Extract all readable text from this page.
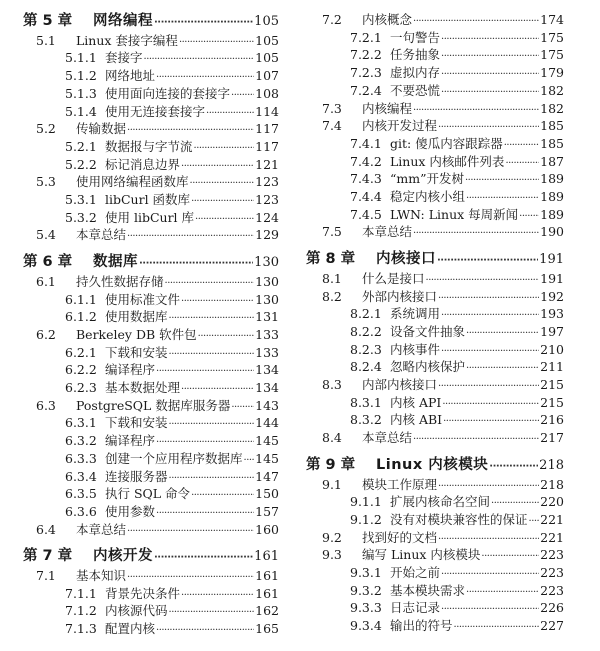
第 5 章	网络编程 ·····	105
5.1	Linux 套接字编程 ·····	105
5.1.1 套接字 ·····	105
5.1.2 网络地址 ·····	107
5.1.3 使用面向连接的套接字 ····· 108
5.1.4 使用无连接套接字 ·····	114
5.2	传输数据 ·····	117
5.2.1 数据报与字节流 ·····	117
5.2.2 标记消息边界 ·····	121
5.3	使用网络编程函数库 ·····	123
5.3.1 libCurl 函数库 ·····	123
5.3.2 使用 libCurl 库 ·····	124
5.4	本章总结 ·····	129
第 6 章	数据库 ·····	130
6.1	持久性数据存储 ·····	130
6.1.1 使用标准文件 ·····	130
6.1.2 使用数据库 ·····	131
6.2	Berkeley DB 软件包 ·····	133
6.2.1 下载和安装 ·····	133
6.2.2 编译程序 ·····	134
6.2.3 基本数据处理 ·····	134
6.3	PostgreSQL 数据库服务器 ····· 143
6.3.1 下载和安装 ·····	144
6.3.2 编译程序 ·····	145
6.3.3 创建一个应用程序数据库 ····· 145
6.3.4 连接服务器 ·····	147
6.3.5 执行 SQL 命令 ·····	150
6.3.6 使用参数 ·····	157
6.4	本章总结 ·····	160
第 7 章	内核开发 ·····	161
7.1	基本知识 ·····	161
7.1.1 背景先决条件 ·····	161
7.1.2 内核源代码 ·····	162
7.1.3 配置内核 ·····	165
7.2	内核概念 ·····	174
7.2.1 一句警告 ·····	175
7.2.2 任务抽象 ·····	175
7.2.3 虚拟内存 ·····	179
7.2.4 不要恐慌 ·····	182
7.3	内核编程 ·····	182
7.4	内核开发过程 ·····	185
7.4.1 git: 傻瓜内容跟踪器 ·····	185
7.4.2 Linux 内核邮件列表 ·····	187
7.4.3 “mm”开发树 ·····	189
7.4.4 稳定内核小组 ·····	189
7.4.5 LWN: Linux 每周新闻 ····· 189
7.5	本章总结 ·····	190
第 8 章	内核接口 ·····	191
8.1	什么是接口 ·····	191
8.2	外部内核接口 ·····	192
8.2.1 系统调用 ·····	193
8.2.2 设备文件抽象 ·····	197
8.2.3 内核事件 ·····	210
8.2.4 忽略内核保护 ·····	211
8.3	内部内核接口 ·····	215
8.3.1 内核 API ·····	215
8.3.2 内核 ABI ·····	216
8.4	本章总结 ·····	217
第 9 章	Linux 内核模块 ·····	218
9.1	模块工作原理 ·····	218
9.1.1 扩展内核命名空间 ·····	220
9.1.2 没有对模块兼容性的保证 ····· 221
9.2	找到好的文档 ·····	221
9.3	编写 Linux 内核模块 ·····	223
9.3.1 开始之前 ·····	223
9.3.2 基本模块需求 ·····	223
9.3.3 日志记录 ·····	226
9.3.4 输出的符号 ·····	227
